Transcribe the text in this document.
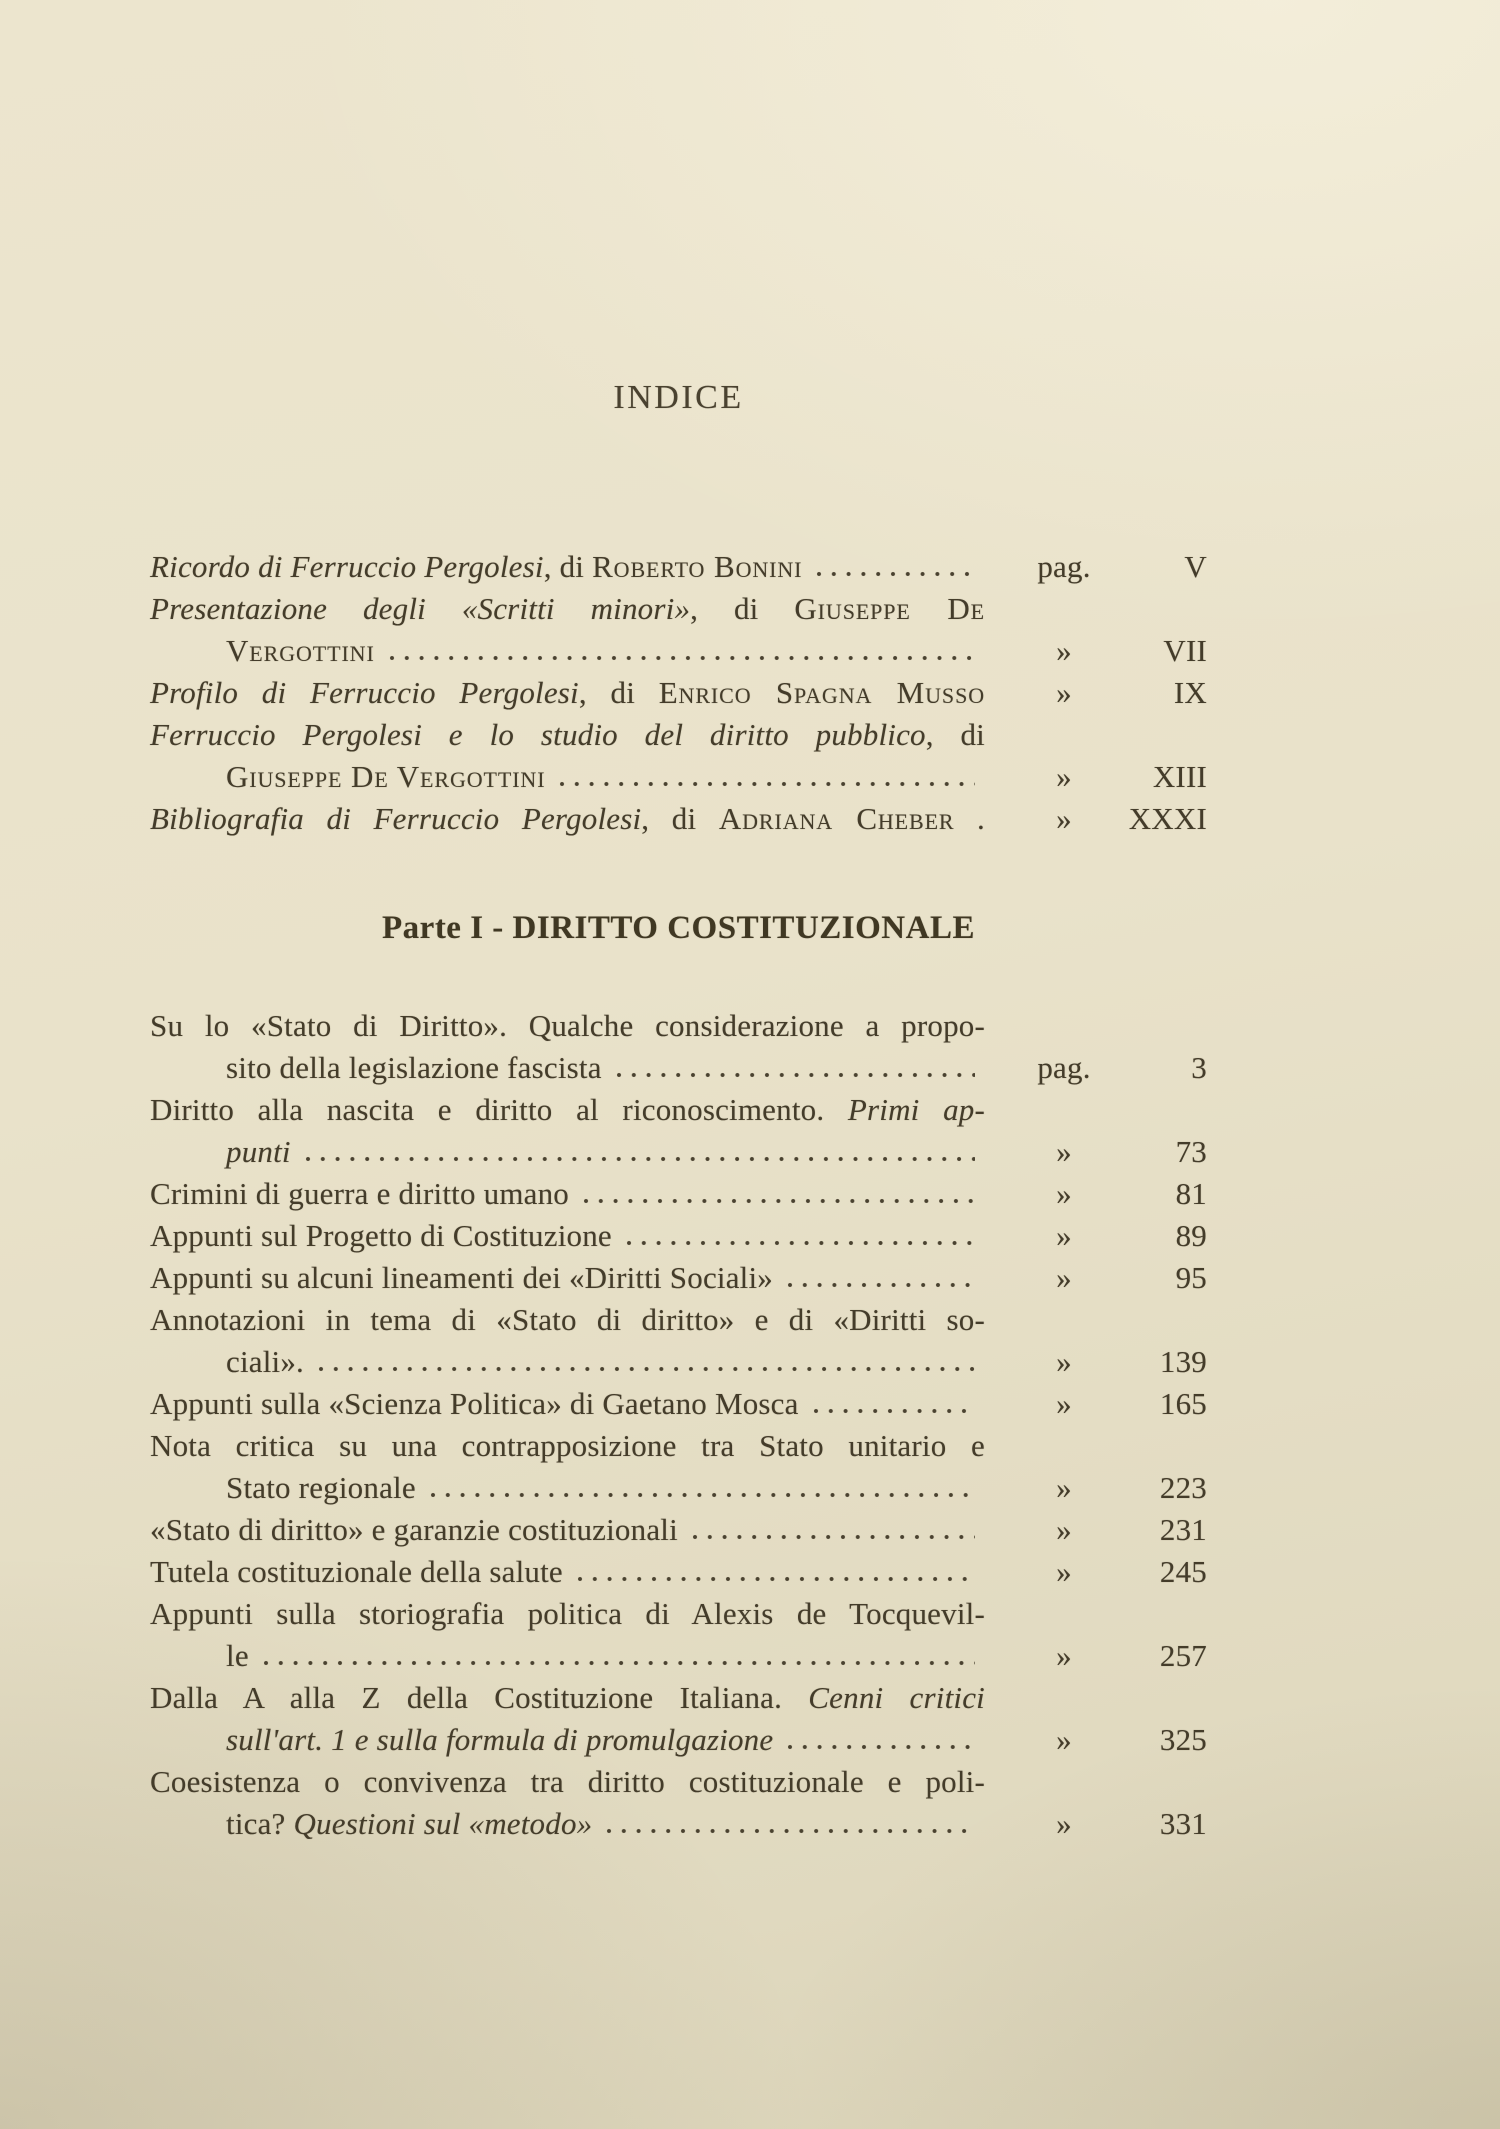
INDICE
Ricordo di Ferruccio Pergolesi, di Roberto Bonini	pag.	V
Presentazione degli «Scritti minori», di Giuseppe De
Vergottini	»	VII
Profilo di Ferruccio Pergolesi, di Enrico Spagna Musso	»	IX
Ferruccio Pergolesi e lo studio del diritto pubblico, di
Giuseppe De Vergottini	»	XIII
Bibliografia di Ferruccio Pergolesi, di Adriana Cheber .	»	XXXI
Parte I - DIRITTO COSTITUZIONALE
Su lo «Stato di Diritto». Qualche considerazione a propo-
sito della legislazione fascista	pag.	3
Diritto alla nascita e diritto al riconoscimento. Primi ap-
punti	»	73
Crimini di guerra e diritto umano	»	81
Appunti sul Progetto di Costituzione	»	89
Appunti su alcuni lineamenti dei «Diritti Sociali»	»	95
Annotazioni in tema di «Stato di diritto» e di «Diritti so-
ciali».	»	139
Appunti sulla «Scienza Politica» di Gaetano Mosca	»	165
Nota critica su una contrapposizione tra Stato unitario e
Stato regionale	»	223
«Stato di diritto» e garanzie costituzionali	»	231
Tutela costituzionale della salute	»	245
Appunti sulla storiografia politica di Alexis de Tocquevil-
le	»	257
Dalla A alla Z della Costituzione Italiana. Cenni critici
sull'art. 1 e sulla formula di promulgazione	»	325
Coesistenza o convivenza tra diritto costituzionale e poli-
tica? Questioni sul «metodo»	»	331
